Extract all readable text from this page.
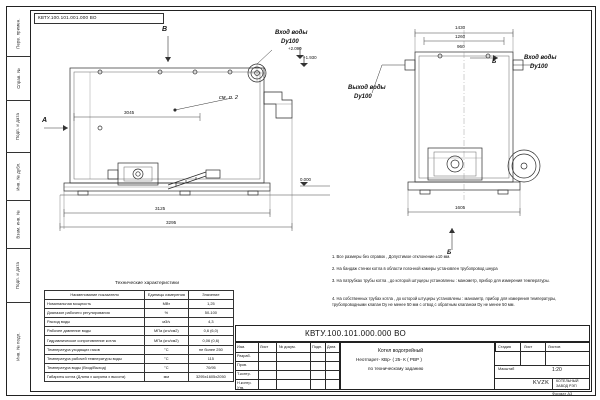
Перв. примен.
Справ. №
Подп. и дата
Инв. № дубл.
Взам. инв. №
Подп. и дата
Инв. № подл.
КВТУ.100.101.001.000 ВО
В
А
Вход воды
Dy100
см. п. 2
+2.090
+1.930
0.000
3045
3125
3295
Б
Б
Вход воды
Dy100
Выход воды
Dy100
1430
1260
960
1605
Технические характеристики
Наименование показателя	Единицы измерения	Значение
Номинальная мощность	МВт	1,25
Диапазон рабочего регулирования	%	50-100
Расход воды	м3/ч	4,3
Рабочее давление воды	МПа (кгс/см2)	0,6 (6,0)
Гидравлическое сопротивление котла	МПа (кгс/см2)	0,06 (0,6)
Температура уходящих газов	°C	не более 250
Температура рабочей температуры воды	°C	115
Температура воды (Вход/Выход)	°C	70/95
Габариты котла (Длина х ширина х высота)	мм	3295х1605х2050
1. Все размеры без справок , Допустимое отклонение ±10 мм.
2. На бандаж стенки котла в области погонной камеры установлен трубопровод шнура
3. На патрубках трубы котла , до которой штуцеры установлены : манометр, прибор для измерения температуры.
4. На собственных трубах котла , до которой штуцеры установлены : манометр, прибор для измерения температуры, трубопроводными клапан Dу не менее 50 мм с отвод с обратным клапаном Dу не менее 50 мм.
КВТУ.100.101.000.000 ВО
Изм.	Лист	№ докум.	Подп. Дата
Разраб.
Пров.
Т.контр.
Н.контр.
Утв.
Котел водогрейный
Неотпарет- КВр- ( 25- К ( РВР )
по техническому заданию
Стадия	Лист	Листов
Масштаб	1:20
KVZK КОТЕЛЬНЫЙ
ЗАВОД РЭП
Формат А3
